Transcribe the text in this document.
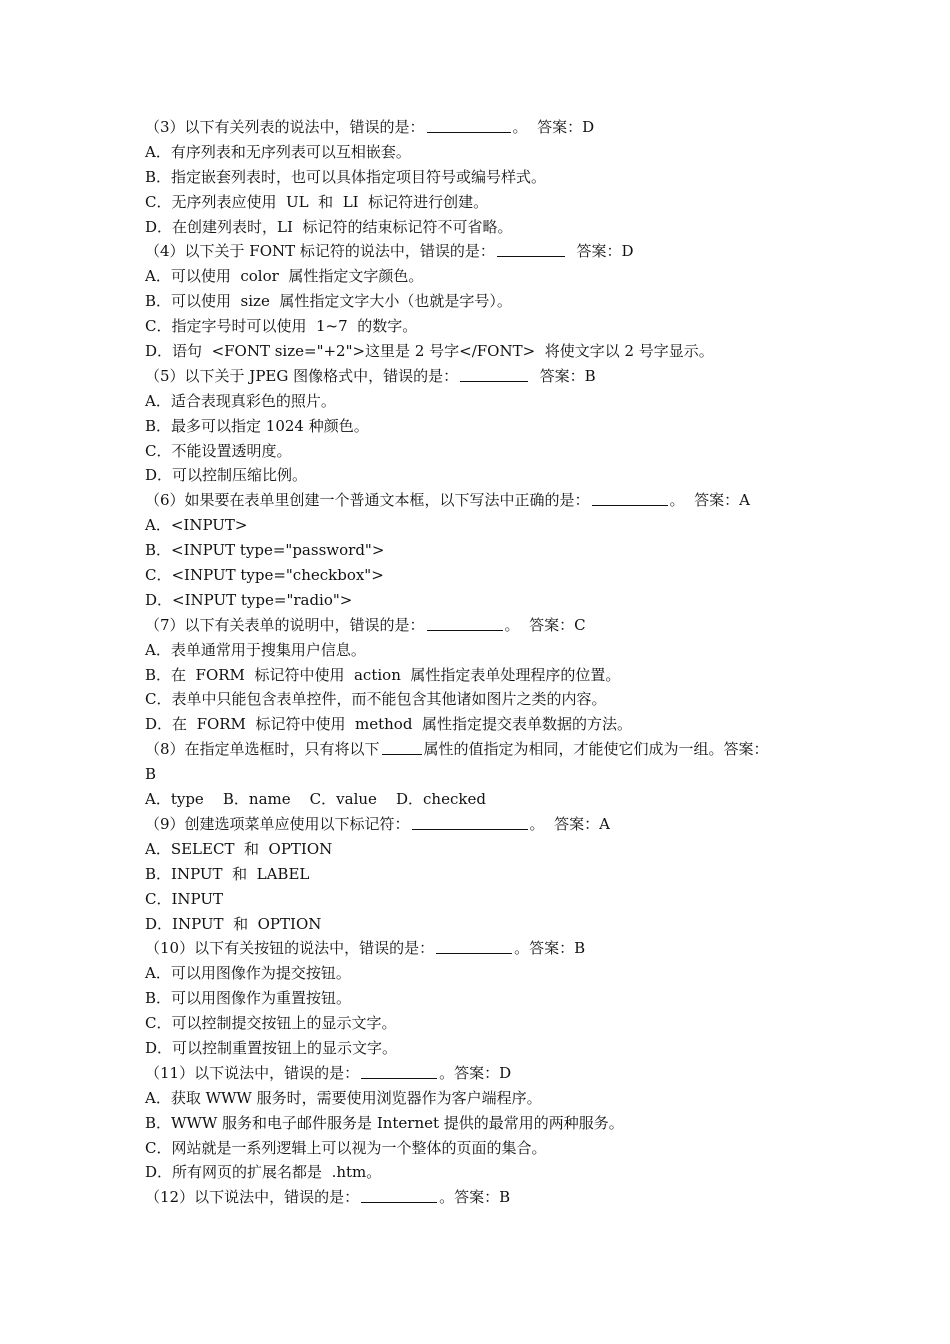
（3）以下有关列表的说法中，错误的是：	。  答案：D
A．有序列表和无序列表可以互相嵌套。
B．指定嵌套列表时，也可以具体指定项目符号或编号样式。
C．无序列表应使用  UL  和  LI  标记符进行创建。
D．在创建列表时，LI  标记符的结束标记符不可省略。
（4）以下关于 FONT 标记符的说法中，错误的是：	答案：D
A．可以使用  color  属性指定文字颜色。
B．可以使用  size  属性指定文字大小（也就是字号）。
C．指定字号时可以使用  1~7  的数字。
D．语句  <FONT size="+2">这里是 2 号字</FONT>  将使文字以 2 号字显示。
（5）以下关于 JPEG 图像格式中，错误的是：	答案：B
A．适合表现真彩色的照片。
B．最多可以指定 1024 种颜色。
C．不能设置透明度。
D．可以控制压缩比例。
（6）如果要在表单里创建一个普通文本框，以下写法中正确的是：	。  答案：A
A．<INPUT>
B．<INPUT type="password">
C．<INPUT type="checkbox">
D．<INPUT type="radio">
（7）以下有关表单的说明中，错误的是：	。  答案：C
A．表单通常用于搜集用户信息。
B．在  FORM  标记符中使用  action  属性指定表单处理程序的位置。
C．表单中只能包含表单控件，而不能包含其他诸如图片之类的内容。
D．在  FORM  标记符中使用  method  属性指定提交表单数据的方法。
（8）在指定单选框时，只有将以下	属性的值指定为相同，才能使它们成为一组。答案：
B
A．type    B．name    C．value    D．checked
（9）创建选项菜单应使用以下标记符：	。  答案：A
A．SELECT  和  OPTION
B．INPUT  和  LABEL
C．INPUT
D．INPUT  和  OPTION
（10）以下有关按钮的说法中，错误的是：	。答案：B
A．可以用图像作为提交按钮。
B．可以用图像作为重置按钮。
C．可以控制提交按钮上的显示文字。
D．可以控制重置按钮上的显示文字。
（11）以下说法中，错误的是：	。答案：D
A．获取 WWW 服务时，需要使用浏览器作为客户端程序。
B．WWW 服务和电子邮件服务是 Internet 提供的最常用的两种服务。
C．网站就是一系列逻辑上可以视为一个整体的页面的集合。
D．所有网页的扩展名都是  .htm。
（12）以下说法中，错误的是：	。答案：B
